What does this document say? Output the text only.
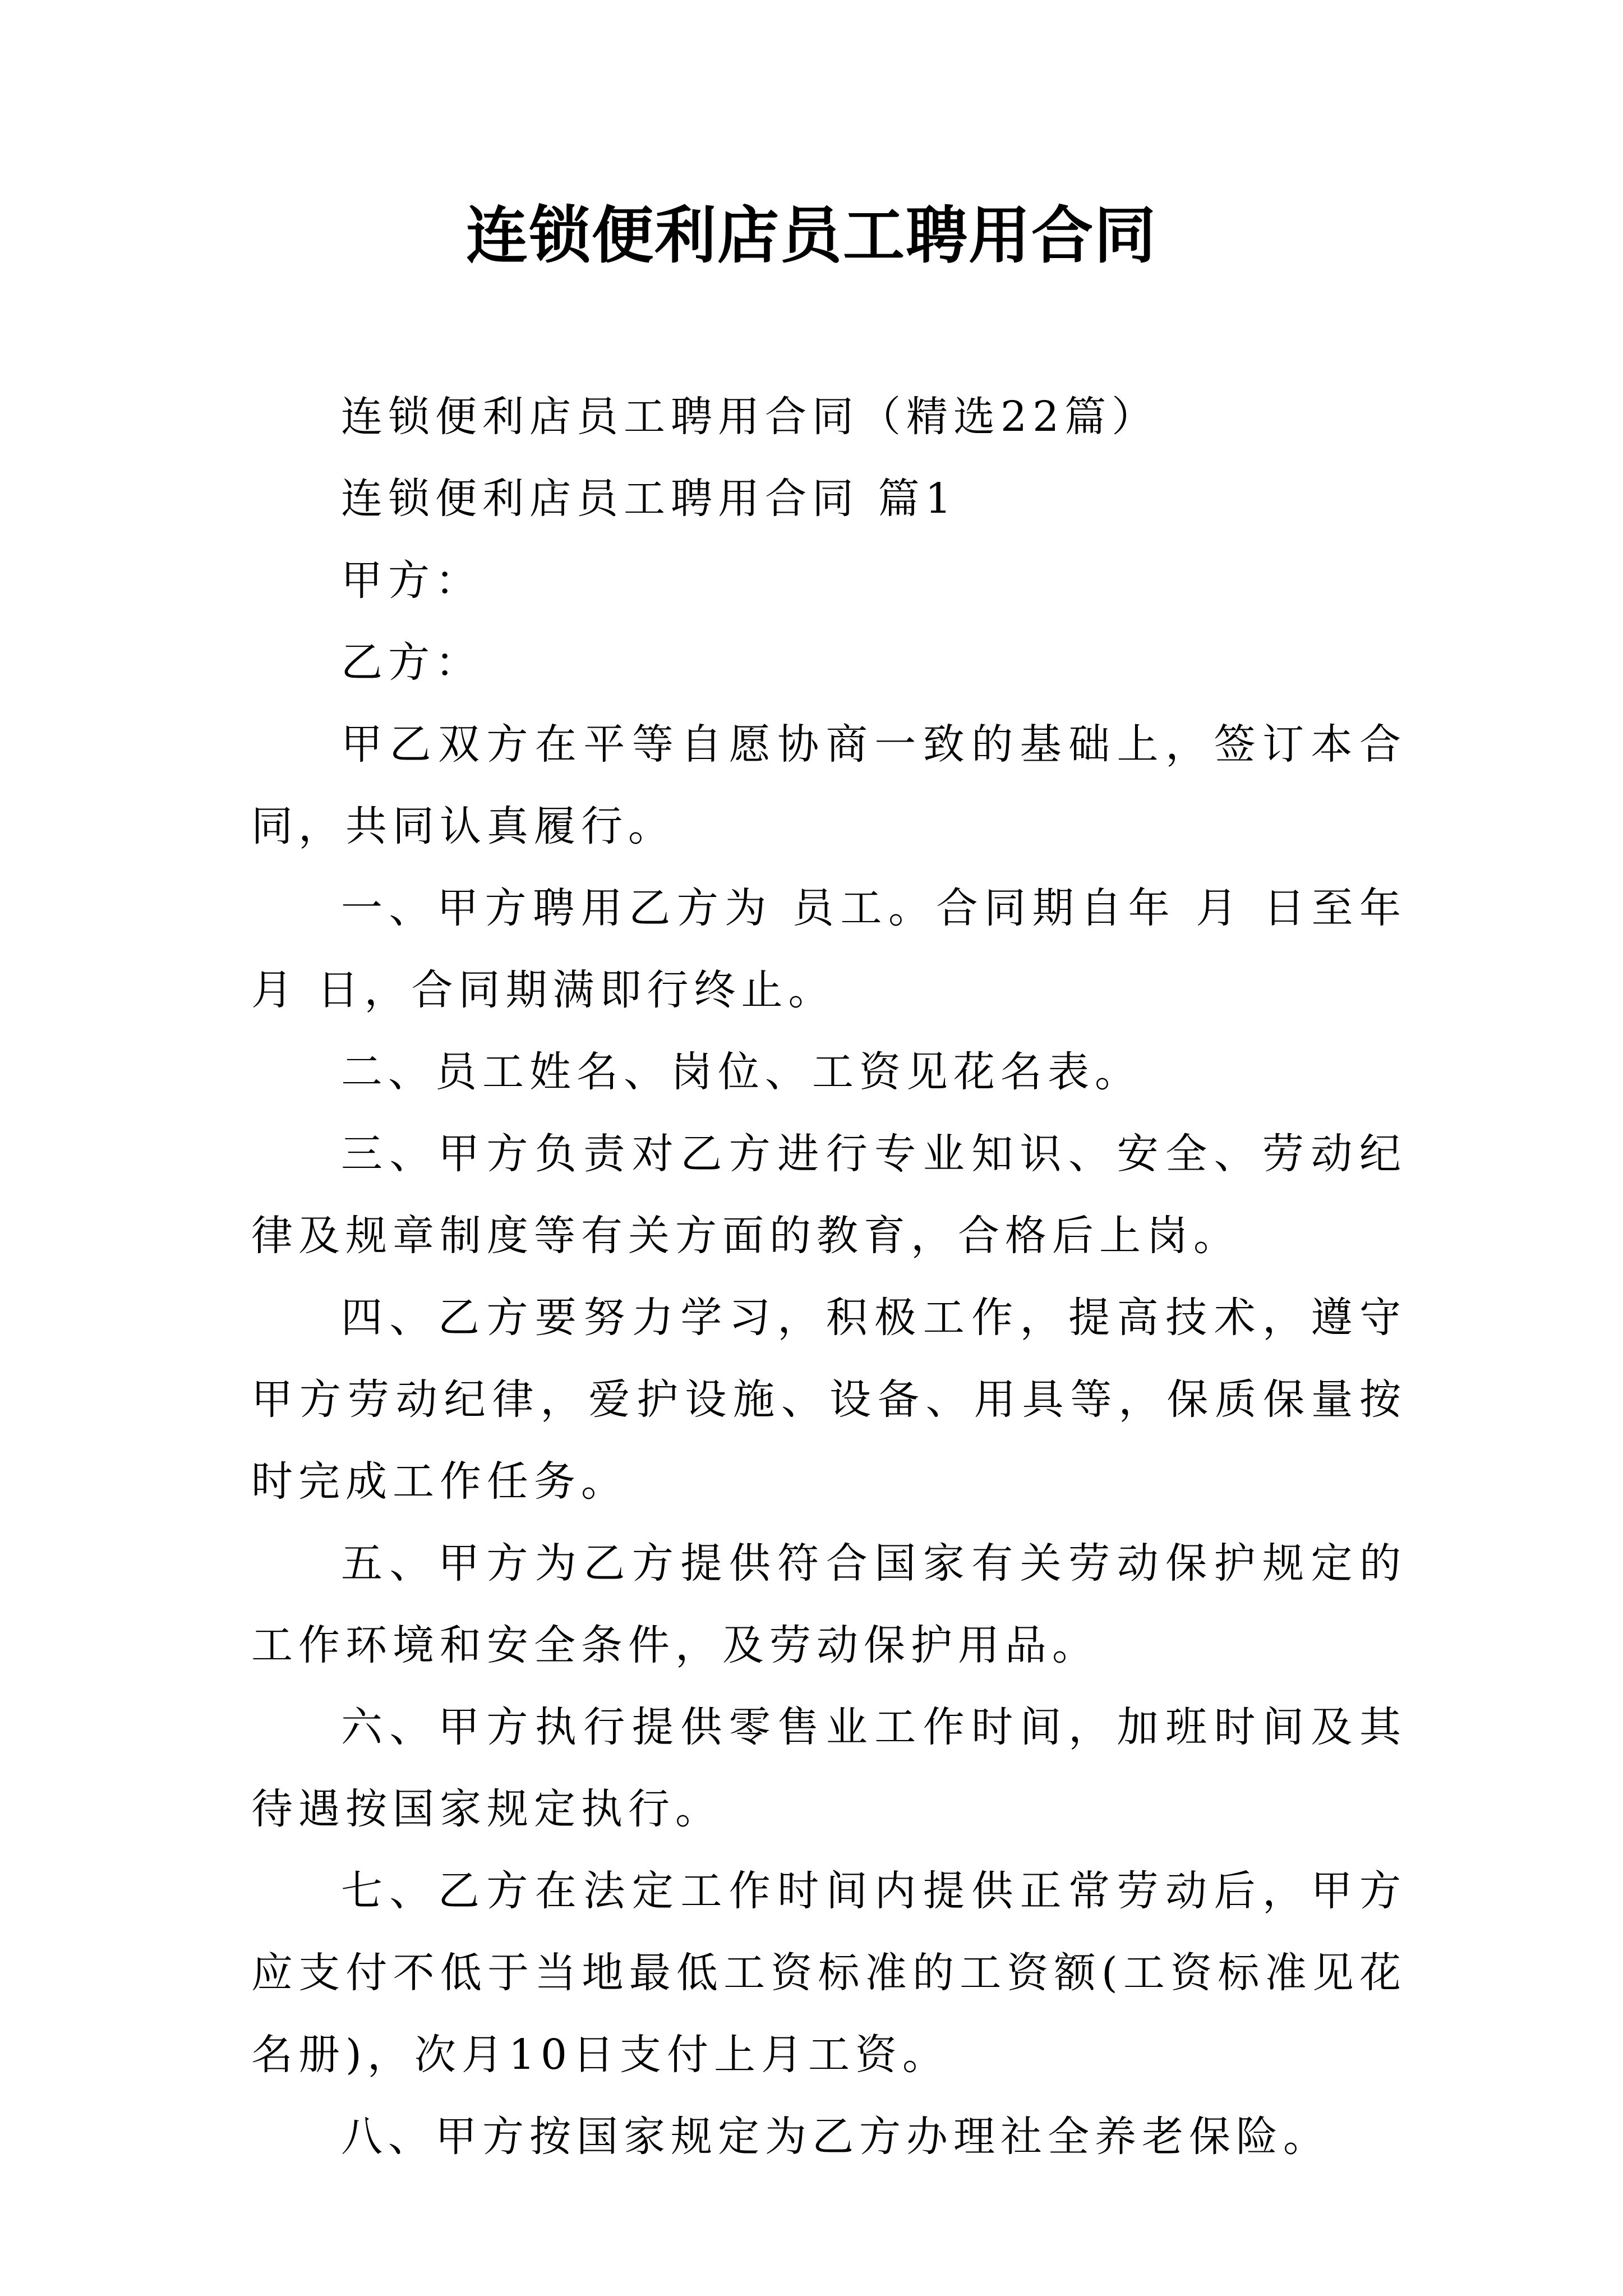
连锁便利店员工聘用合同

连锁便利店员工聘用合同（精选22篇）

连锁便利店员工聘用合同 篇1

甲方：

乙方：

甲乙双方在平等自愿协商一致的基础上，签订本合同，共同认真履行。

一、甲方聘用乙方为 员工。合同期自年 月 日至年 月 日，合同期满即行终止。

二、员工姓名、岗位、工资见花名表。

三、甲方负责对乙方进行专业知识、安全、劳动纪律及规章制度等有关方面的教育，合格后上岗。

四、乙方要努力学习，积极工作，提高技术，遵守甲方劳动纪律，爱护设施、设备、用具等，保质保量按时完成工作任务。

五、甲方为乙方提供符合国家有关劳动保护规定的工作环境和安全条件，及劳动保护用品。

六、甲方执行提供零售业工作时间，加班时间及其待遇按国家规定执行。

七、乙方在法定工作时间内提供正常劳动后，甲方应支付不低于当地最低工资标准的工资额(工资标准见花名册)，次月10日支付上月工资。

八、甲方按国家规定为乙方办理社全养老保险。
